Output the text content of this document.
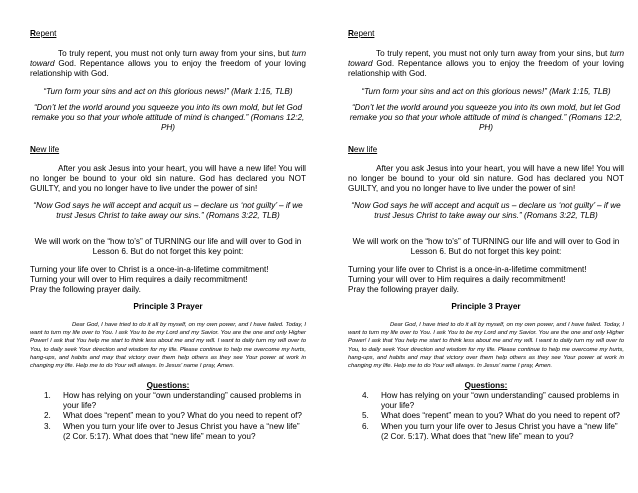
Repent

To truly repent, you must not only turn away from your sins, but turn toward God. Repentance allows you to enjoy the freedom of your loving relationship with God.

“Turn form your sins and act on this glorious news!” (Mark 1:15, TLB)

“Don’t let the world around you squeeze you into its own mold, but let God remake you so that your whole attitude of mind is changed.” (Romans 12:2, PH)

New life

After you ask Jesus into your heart, you will have a new life! You will no longer be bound to your old sin nature. God has declared you NOT GUILTY, and you no longer have to live under the power of sin!

“Now God says he will accept and acquit us – declare us ‘not guilty’ – if we trust Jesus Christ to take away our sins.” (Romans 3:22, TLB)

We will work on the “how to’s” of TURNING our life and will over to God in Lesson 6. But do not forget this key point:

Turning your life over to Christ is a once-in-a-lifetime commitment!
Turning your will over to Him requires a daily recommitment!
Pray the following prayer daily.
Principle 3 Prayer

Dear God, I have tried to do it all by myself, on my own power, and I have failed. Today, I want to turn my life over to You. I ask You to be my Lord and my Savior. You are the one and only Higher Power! I ask that You help me start to think less about me and my will. I want to daily turn my will over to You, to daily seek Your direction and wisdom for my life. Please continue to help me overcome my hurts, hang-ups, and habits and may that victory over them help others as they see Your power at work in changing my life. Help me to do Your will always. In Jesus’ name I pray, Amen.

Questions:
1. How has relying on your “own understanding” caused problems in your life?
2. What does “repent” mean to you? What do you need to repent of?
3. When you turn your life over to Jesus Christ you have a “new life” (2 Cor. 5:17). What does that “new life” mean to you?
Repent

To truly repent, you must not only turn away from your sins, but turn toward God. Repentance allows you to enjoy the freedom of your loving relationship with God.

“Turn form your sins and act on this glorious news!” (Mark 1:15, TLB)

“Don’t let the world around you squeeze you into its own mold, but let God remake you so that your whole attitude of mind is changed.” (Romans 12:2, PH)

New life

After you ask Jesus into your heart, you will have a new life! You will no longer be bound to your old sin nature. God has declared you NOT GUILTY, and you no longer have to live under the power of sin!

“Now God says he will accept and acquit us – declare us ‘not guilty’ – if we trust Jesus Christ to take away our sins.” (Romans 3:22, TLB)

We will work on the “how to’s” of TURNING our life and will over to God in Lesson 6. But do not forget this key point:

Turning your life over to Christ is a once-in-a-lifetime commitment!
Turning your will over to Him requires a daily recommitment!
Pray the following prayer daily.
Principle 3 Prayer

Dear God, I have tried to do it all by myself, on my own power, and I have failed. Today, I want to turn my life over to You. I ask You to be my Lord and my Savior. You are the one and only Higher Power! I ask that You help me start to think less about me and my will. I want to daily turn my will over to You, to daily seek Your direction and wisdom for my life. Please continue to help me overcome my hurts, hang-ups, and habits and may that victory over them help others as they see Your power at work in changing my life. Help me to do Your will always. In Jesus’ name I pray, Amen.

Questions:
4. How has relying on your “own understanding” caused problems in your life?
5. What does “repent” mean to you? What do you need to repent of?
6. When you turn your life over to Jesus Christ you have a “new life” (2 Cor. 5:17). What does that “new life” mean to you?
